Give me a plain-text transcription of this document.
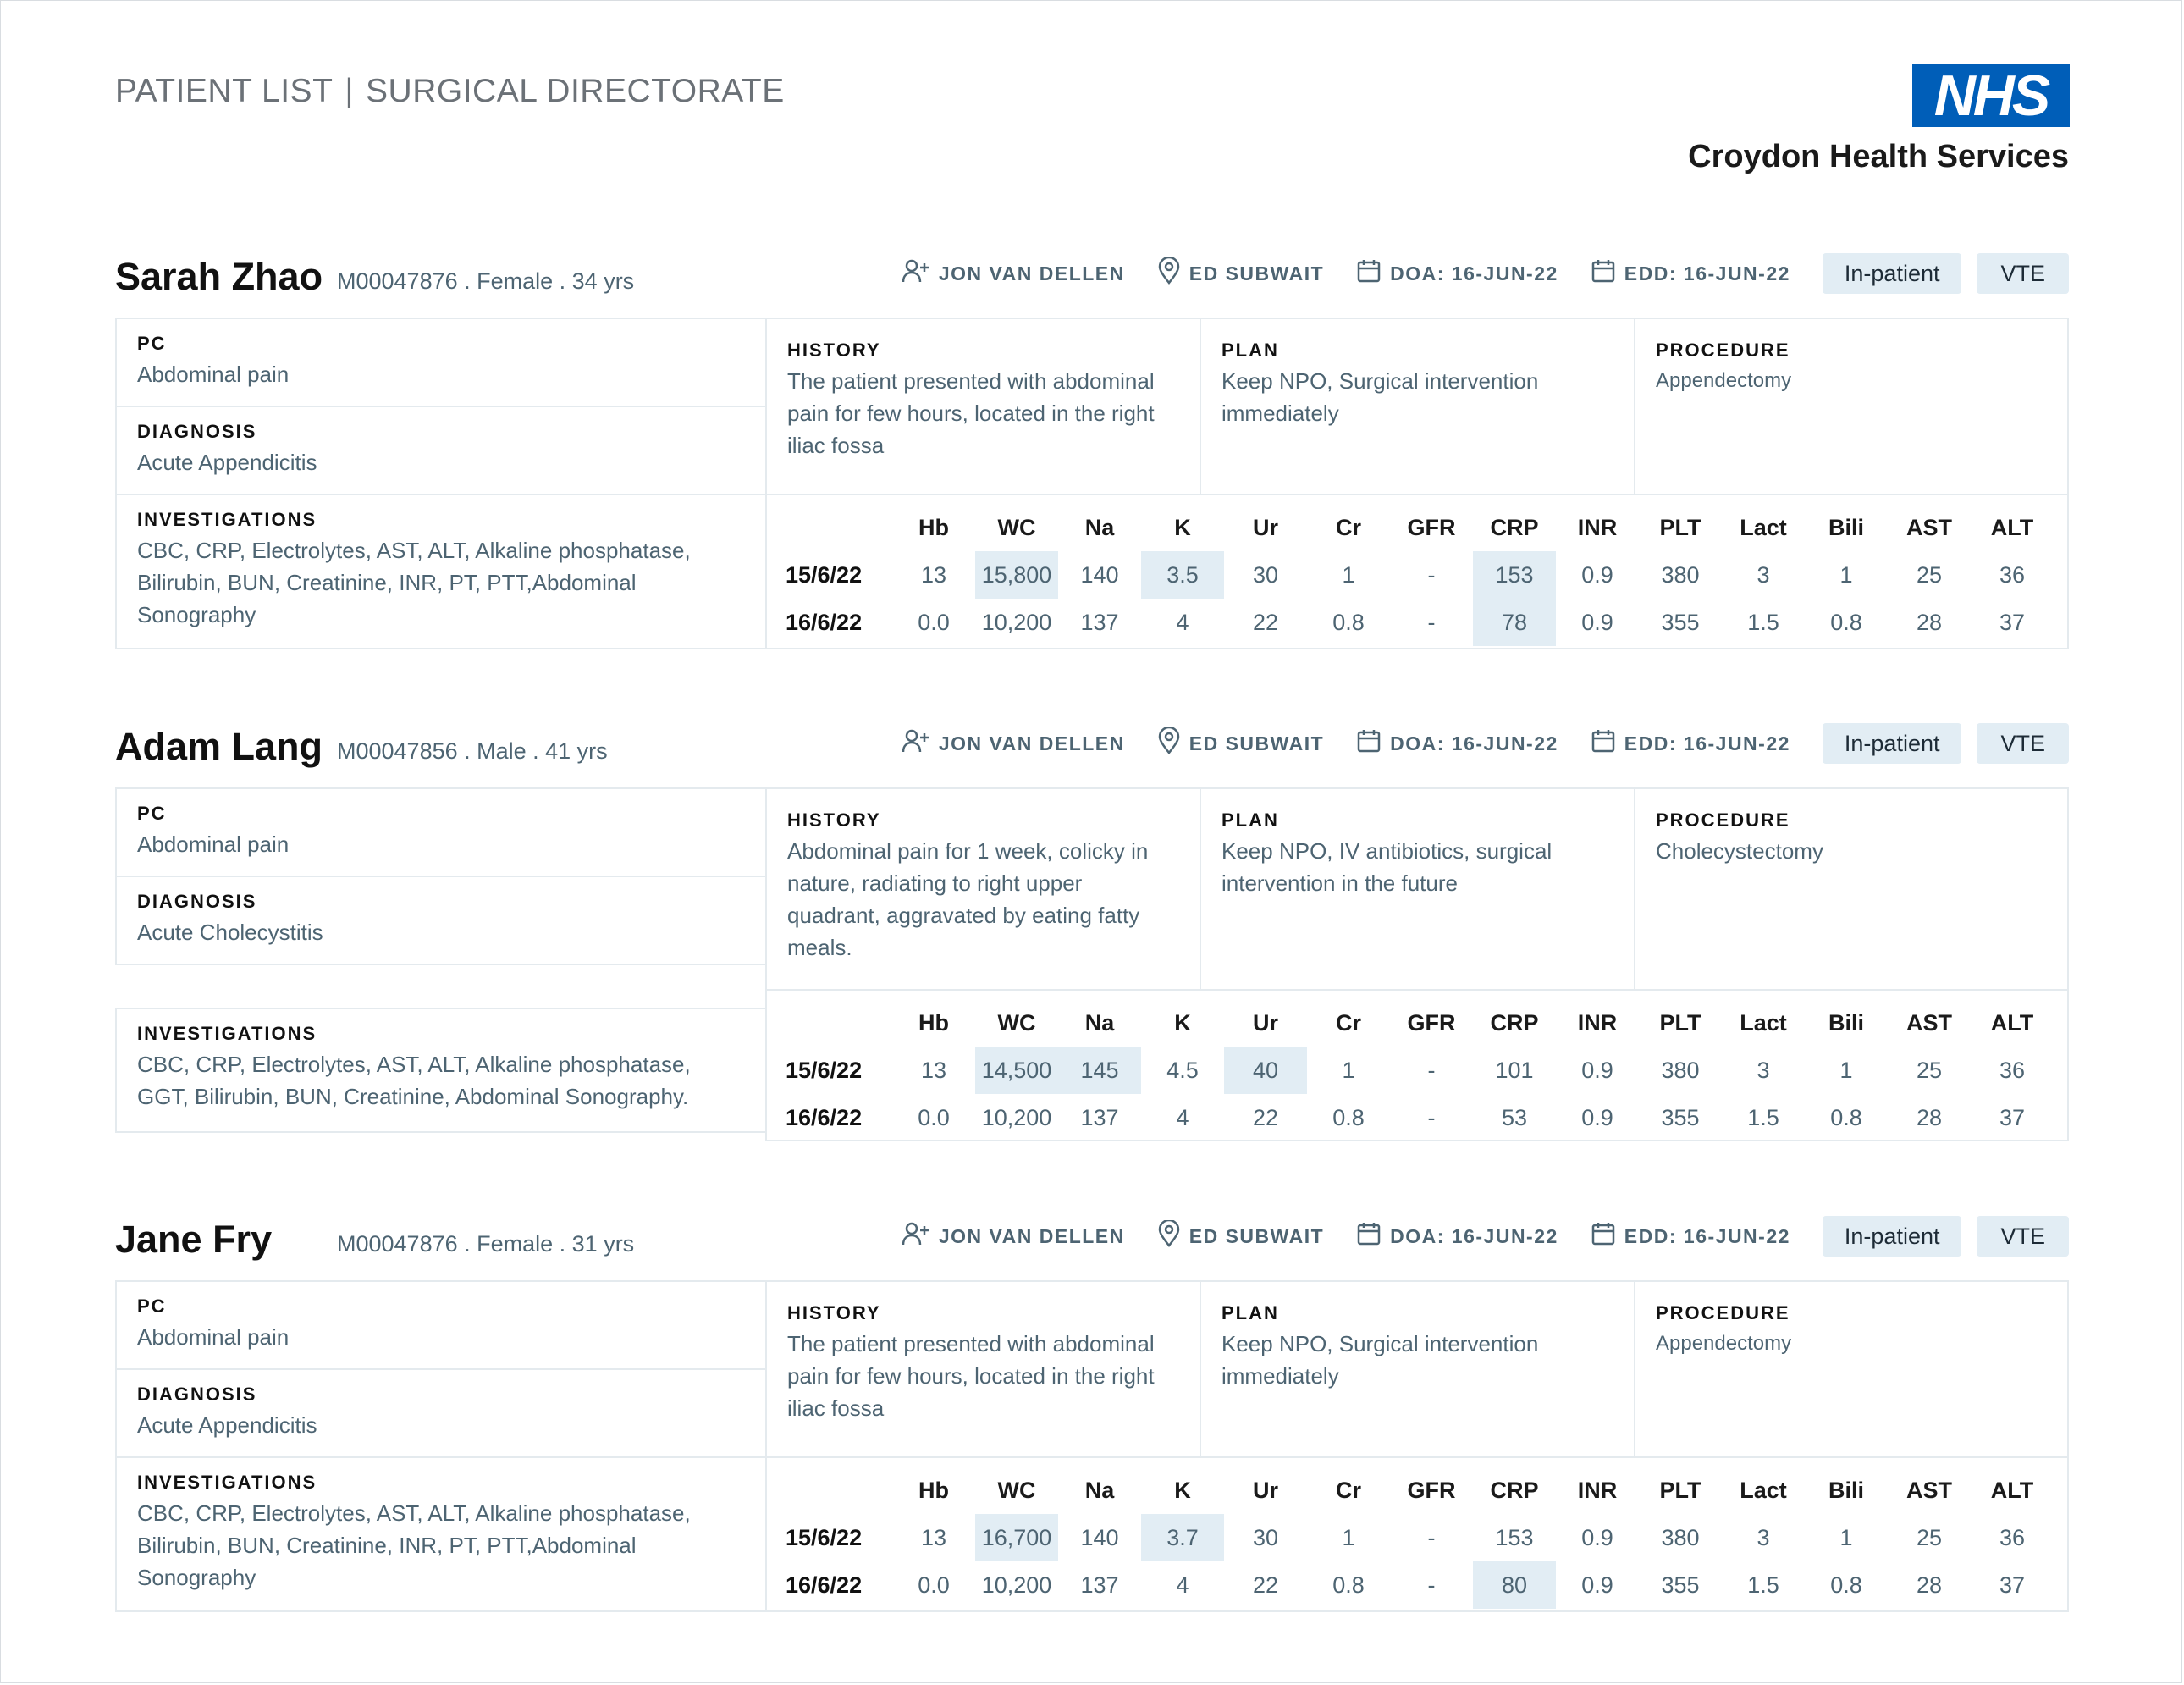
PATIENT LIST | SURGICAL DIRECTORATE	NHS
Croydon Health Services
Sarah Zhao M00047876 . Female . 34 yrs	JON VAN DELLEN	ED SUBWAIT	DOA: 16-JUN-22	EDD: 16-JUN-22	In-patient	VTE
PC
Abdominal pain
DIAGNOSIS
Acute Appendicitis
HISTORY
The patient presented with abdominal pain for few hours, located in the right iliac fossa
PLAN
Keep NPO, Surgical intervention immediately
PROCEDURE
Appendectomy
INVESTIGATIONS
CBC, CRP, Electrolytes, AST, ALT, Alkaline phosphatase, Bilirubin, BUN, Creatinine, INR, PT, PTT,Abdominal Sonography
	Hb	WC	Na	K	Ur	Cr	GFR	CRP	INR	PLT	Lact	Bili	AST	ALT
15/6/22	13	15,800	140	3.5	30	1	-	153	0.9	380	3	1	25	36
16/6/22	0.0	10,200	137	4	22	0.8	-	78	0.9	355	1.5	0.8	28	37
Adam Lang M00047856 . Male . 41 yrs	JON VAN DELLEN	ED SUBWAIT	DOA: 16-JUN-22	EDD: 16-JUN-22	In-patient	VTE
PC
Abdominal pain
DIAGNOSIS
Acute Cholecystitis
HISTORY
Abdominal pain for 1 week, colicky in nature, radiating to right upper quadrant, aggravated by eating fatty meals.
PLAN
Keep NPO, IV antibiotics, surgical intervention in the future
PROCEDURE
Cholecystectomy
INVESTIGATIONS
CBC, CRP, Electrolytes, AST, ALT, Alkaline phosphatase, GGT, Bilirubin, BUN, Creatinine, Abdominal Sonography.
	Hb	WC	Na	K	Ur	Cr	GFR	CRP	INR	PLT	Lact	Bili	AST	ALT
15/6/22	13	14,500	145	4.5	40	1	-	101	0.9	380	3	1	25	36
16/6/22	0.0	10,200	137	4	22	0.8	-	53	0.9	355	1.5	0.8	28	37
Jane Fry	M00047876 . Female . 31 yrs	JON VAN DELLEN	ED SUBWAIT	DOA: 16-JUN-22	EDD: 16-JUN-22	In-patient	VTE
PC
Abdominal pain
DIAGNOSIS
Acute Appendicitis
HISTORY
The patient presented with abdominal pain for few hours, located in the right iliac fossa
PLAN
Keep NPO, Surgical intervention immediately
PROCEDURE
Appendectomy
INVESTIGATIONS
CBC, CRP, Electrolytes, AST, ALT, Alkaline phosphatase, Bilirubin, BUN, Creatinine, INR, PT, PTT,Abdominal Sonography
	Hb	WC	Na	K	Ur	Cr	GFR	CRP	INR	PLT	Lact	Bili	AST	ALT
15/6/22	13	16,700	140	3.7	30	1	-	153	0.9	380	3	1	25	36
16/6/22	0.0	10,200	137	4	22	0.8	-	80	0.9	355	1.5	0.8	28	37
